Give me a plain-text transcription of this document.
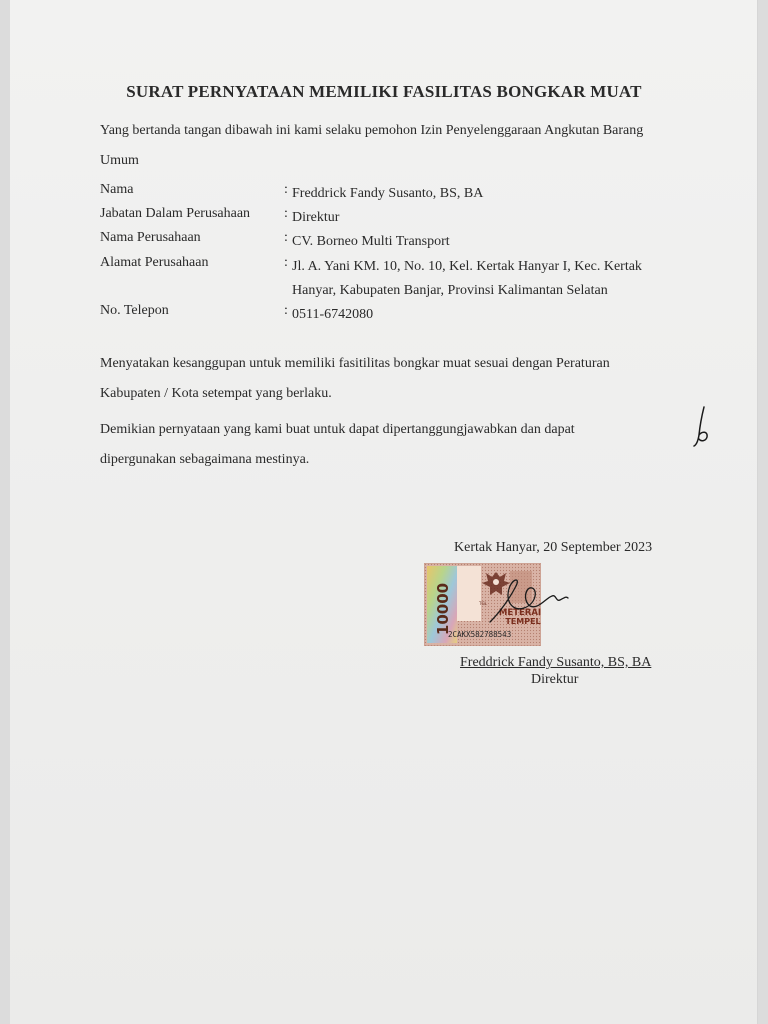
SURAT PERNYATAAN MEMILIKI FASILITAS BONGKAR MUAT
Yang bertanda tangan dibawah ini kami selaku pemohon Izin Penyelenggaraan Angkutan Barang Umum
Nama	: Freddrick Fandy Susanto, BS, BA
Jabatan Dalam Perusahaan	: Direktur
Nama Perusahaan	: CV. Borneo Multi Transport
Alamat Perusahaan	: Jl. A. Yani KM. 10, No. 10, Kel. Kertak Hanyar I, Kec. Kertak Hanyar, Kabupaten Banjar, Provinsi Kalimantan Selatan
No. Telepon	: 0511-6742080
Menyatakan kesanggupan untuk memiliki fasitilitas bongkar muat sesuai dengan Peraturan Kabupaten / Kota setempat yang berlaku.
Demikian pernyataan yang kami buat untuk dapat dipertanggungjawabkan dan dapat dipergunakan sebagaimana mestinya.
Kertak Hanyar, 20 September 2023
10000	TGL
METERAI
TEMPEL
2CAKX582788543
Freddrick Fandy Susanto, BS, BA
Direktur
